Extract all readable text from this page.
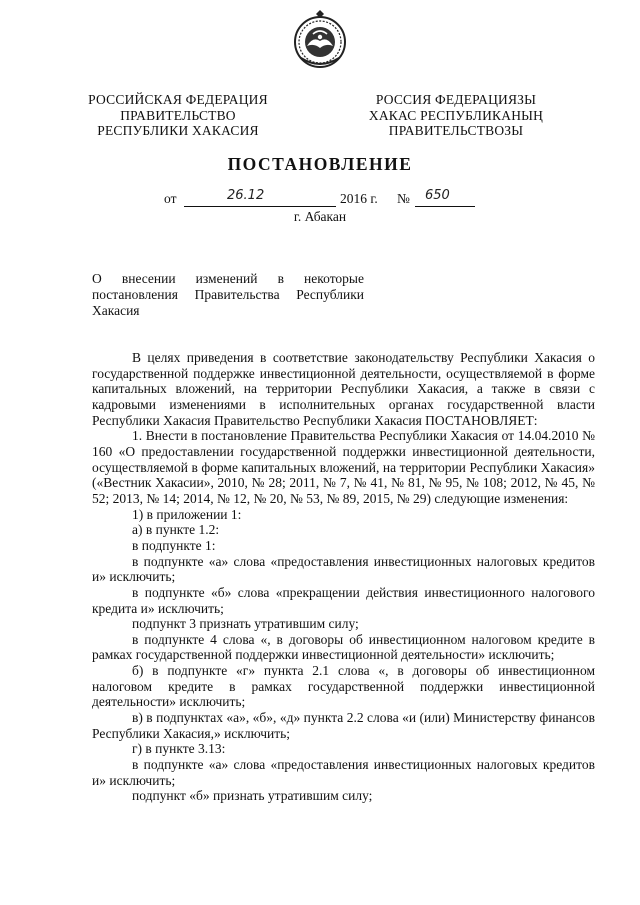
РОССИЙСКАЯ ФЕДЕРАЦИЯ
ПРАВИТЕЛЬСТВО
РЕСПУБЛИКИ ХАКАСИЯ
РОССИЯ ФЕДЕРАЦИЯЗЫ
ХАКАС РЕСПУБЛИКАНЫҢ
ПРАВИТЕЛЬСТВОЗЫ
ПОСТАНОВЛЕНИЕ
от	26.12	2016 г. № 650
г. Абакан

О внесении изменений в некоторые

постановления Правительства Республики

Хакасия

В целях приведения в соответствие законодательству Республики Хакасия о государственной поддержке инвестиционной деятельности, осуществляемой в форме капитальных вложений, на территории Республики Хакасия, а также в связи с кадровыми изменениями в исполнительных органах государственной власти Республики Хакасия Правительство Республики Хакасия ПОСТАНОВЛЯЕТ:

1. Внести в постановление Правительства Республики Хакасия от 14.04.2010 № 160 «О предоставлении государственной поддержки инвестиционной деятельности, осуществляемой в форме капитальных вложений, на территории Республики Хакасия» («Вестник Хакасии», 2010, № 28; 2011, № 7, № 41, № 81, № 95, № 108; 2012, № 45, № 52; 2013, № 14; 2014, № 12, № 20, № 53, № 89, 2015, № 29) следующие изменения:

1) в приложении 1:

а) в пункте 1.2:

в подпункте 1:

в подпункте «а» слова «предоставления инвестиционных налоговых кредитов и» исключить;

в подпункте «б» слова «прекращении действия инвестиционного налогового кредита и» исключить;

подпункт 3 признать утратившим силу;

в подпункте 4 слова «, в договоры об инвестиционном налоговом кредите в рамках государственной поддержки инвестиционной деятельности» исключить;

б) в подпункте «г» пункта 2.1 слова «, в договоры об инвестиционном налоговом кредите в рамках государственной поддержки инвестиционной деятельности» исключить;

в) в подпунктах «а», «б», «д» пункта 2.2 слова «и (или) Министерству финансов Республики Хакасия,» исключить;

г) в пункте 3.13:

в подпункте «а» слова «предоставления инвестиционных налоговых кредитов и» исключить;

подпункт «б» признать утратившим силу;
